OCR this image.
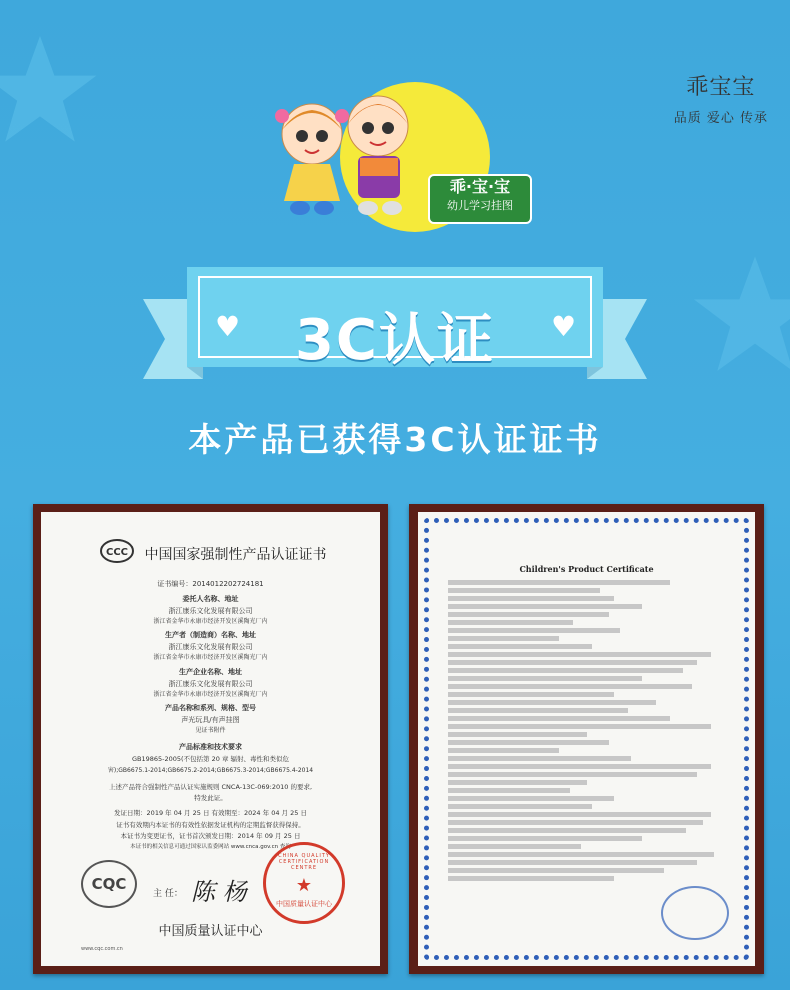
乖宝宝
品质 爱心 传承
乖·宝·宝
幼儿学习挂图
♥	♥
3C认证
本产品已获得3C认证证书
CCC	中国国家强制性产品认证证书
证书编号：2014012202724181
委托人名称、地址
浙江康乐文化发展有限公司
浙江省金华市永康市经济开发区溪陶光厂内
生产者（制造商）名称、地址
浙江康乐文化发展有限公司
浙江省金华市永康市经济开发区溪陶光厂内
生产企业名称、地址
浙江康乐文化发展有限公司
浙江省金华市永康市经济开发区溪陶光厂内
产品名称和系列、规格、型号
声光玩具/有声挂图
见证书附件
产品标准和技术要求
GB19865-2005(不包括第 20 章 辐射、毒性和类似危
害);GB6675.1-2014;GB6675.2-2014;GB6675.3-2014;GB6675.4-2014
上述产品符合强制性产品认证实施规则 CNCA-13C-069:2010 的要求,
特发此证。
发证日期：2019 年 04 月 25 日 有效期至：2024 年 04 月 25 日
证书有效期内本证书的有效性依据发证机构的定期监督获得保持。
本证书为变更证书，证书首次颁发日期：2014 年 09 月 25 日
本证书的相关信息可通过国家认监委网站 www.cnca.gov.cn 查询
CQC
主 任： 陈 杨
CHINA QUALITY CERTIFICATION CENTRE
★
中国质量认证中心
中国质量认证中心
www.cqc.com.cn
Children's Product Certificate
